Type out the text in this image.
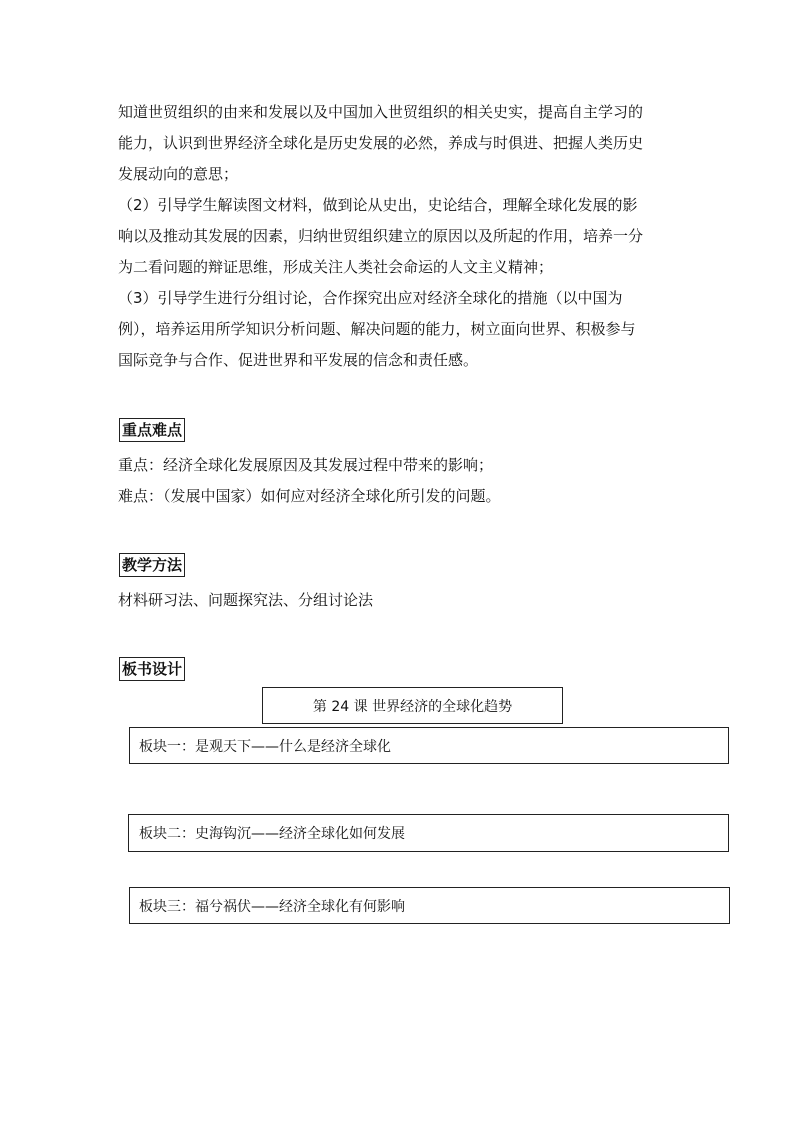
知道世贸组织的由来和发展以及中国加入世贸组织的相关史实，提高自主学习的
能力，认识到世界经济全球化是历史发展的必然，养成与时俱进、把握人类历史
发展动向的意思；

（2）引导学生解读图文材料，做到论从史出，史论结合，理解全球化发展的影
响以及推动其发展的因素，归纳世贸组织建立的原因以及所起的作用，培养一分
为二看问题的辩证思维，形成关注人类社会命运的人文主义精神；

（3）引导学生进行分组讨论，合作探究出应对经济全球化的措施（以中国为
例），培养运用所学知识分析问题、解决问题的能力，树立面向世界、积极参与
国际竞争与合作、促进世界和平发展的信念和责任感。

重点难点

重点：经济全球化发展原因及其发展过程中带来的影响；
难点：（发展中国家）如何应对经济全球化所引发的问题。

教学方法

材料研习法、问题探究法、分组讨论法

板书设计
第 24 课 世界经济的全球化趋势
板块一：是观天下——什么是经济全球化
板块二：史海钩沉——经济全球化如何发展
板块三：福兮祸伏——经济全球化有何影响
